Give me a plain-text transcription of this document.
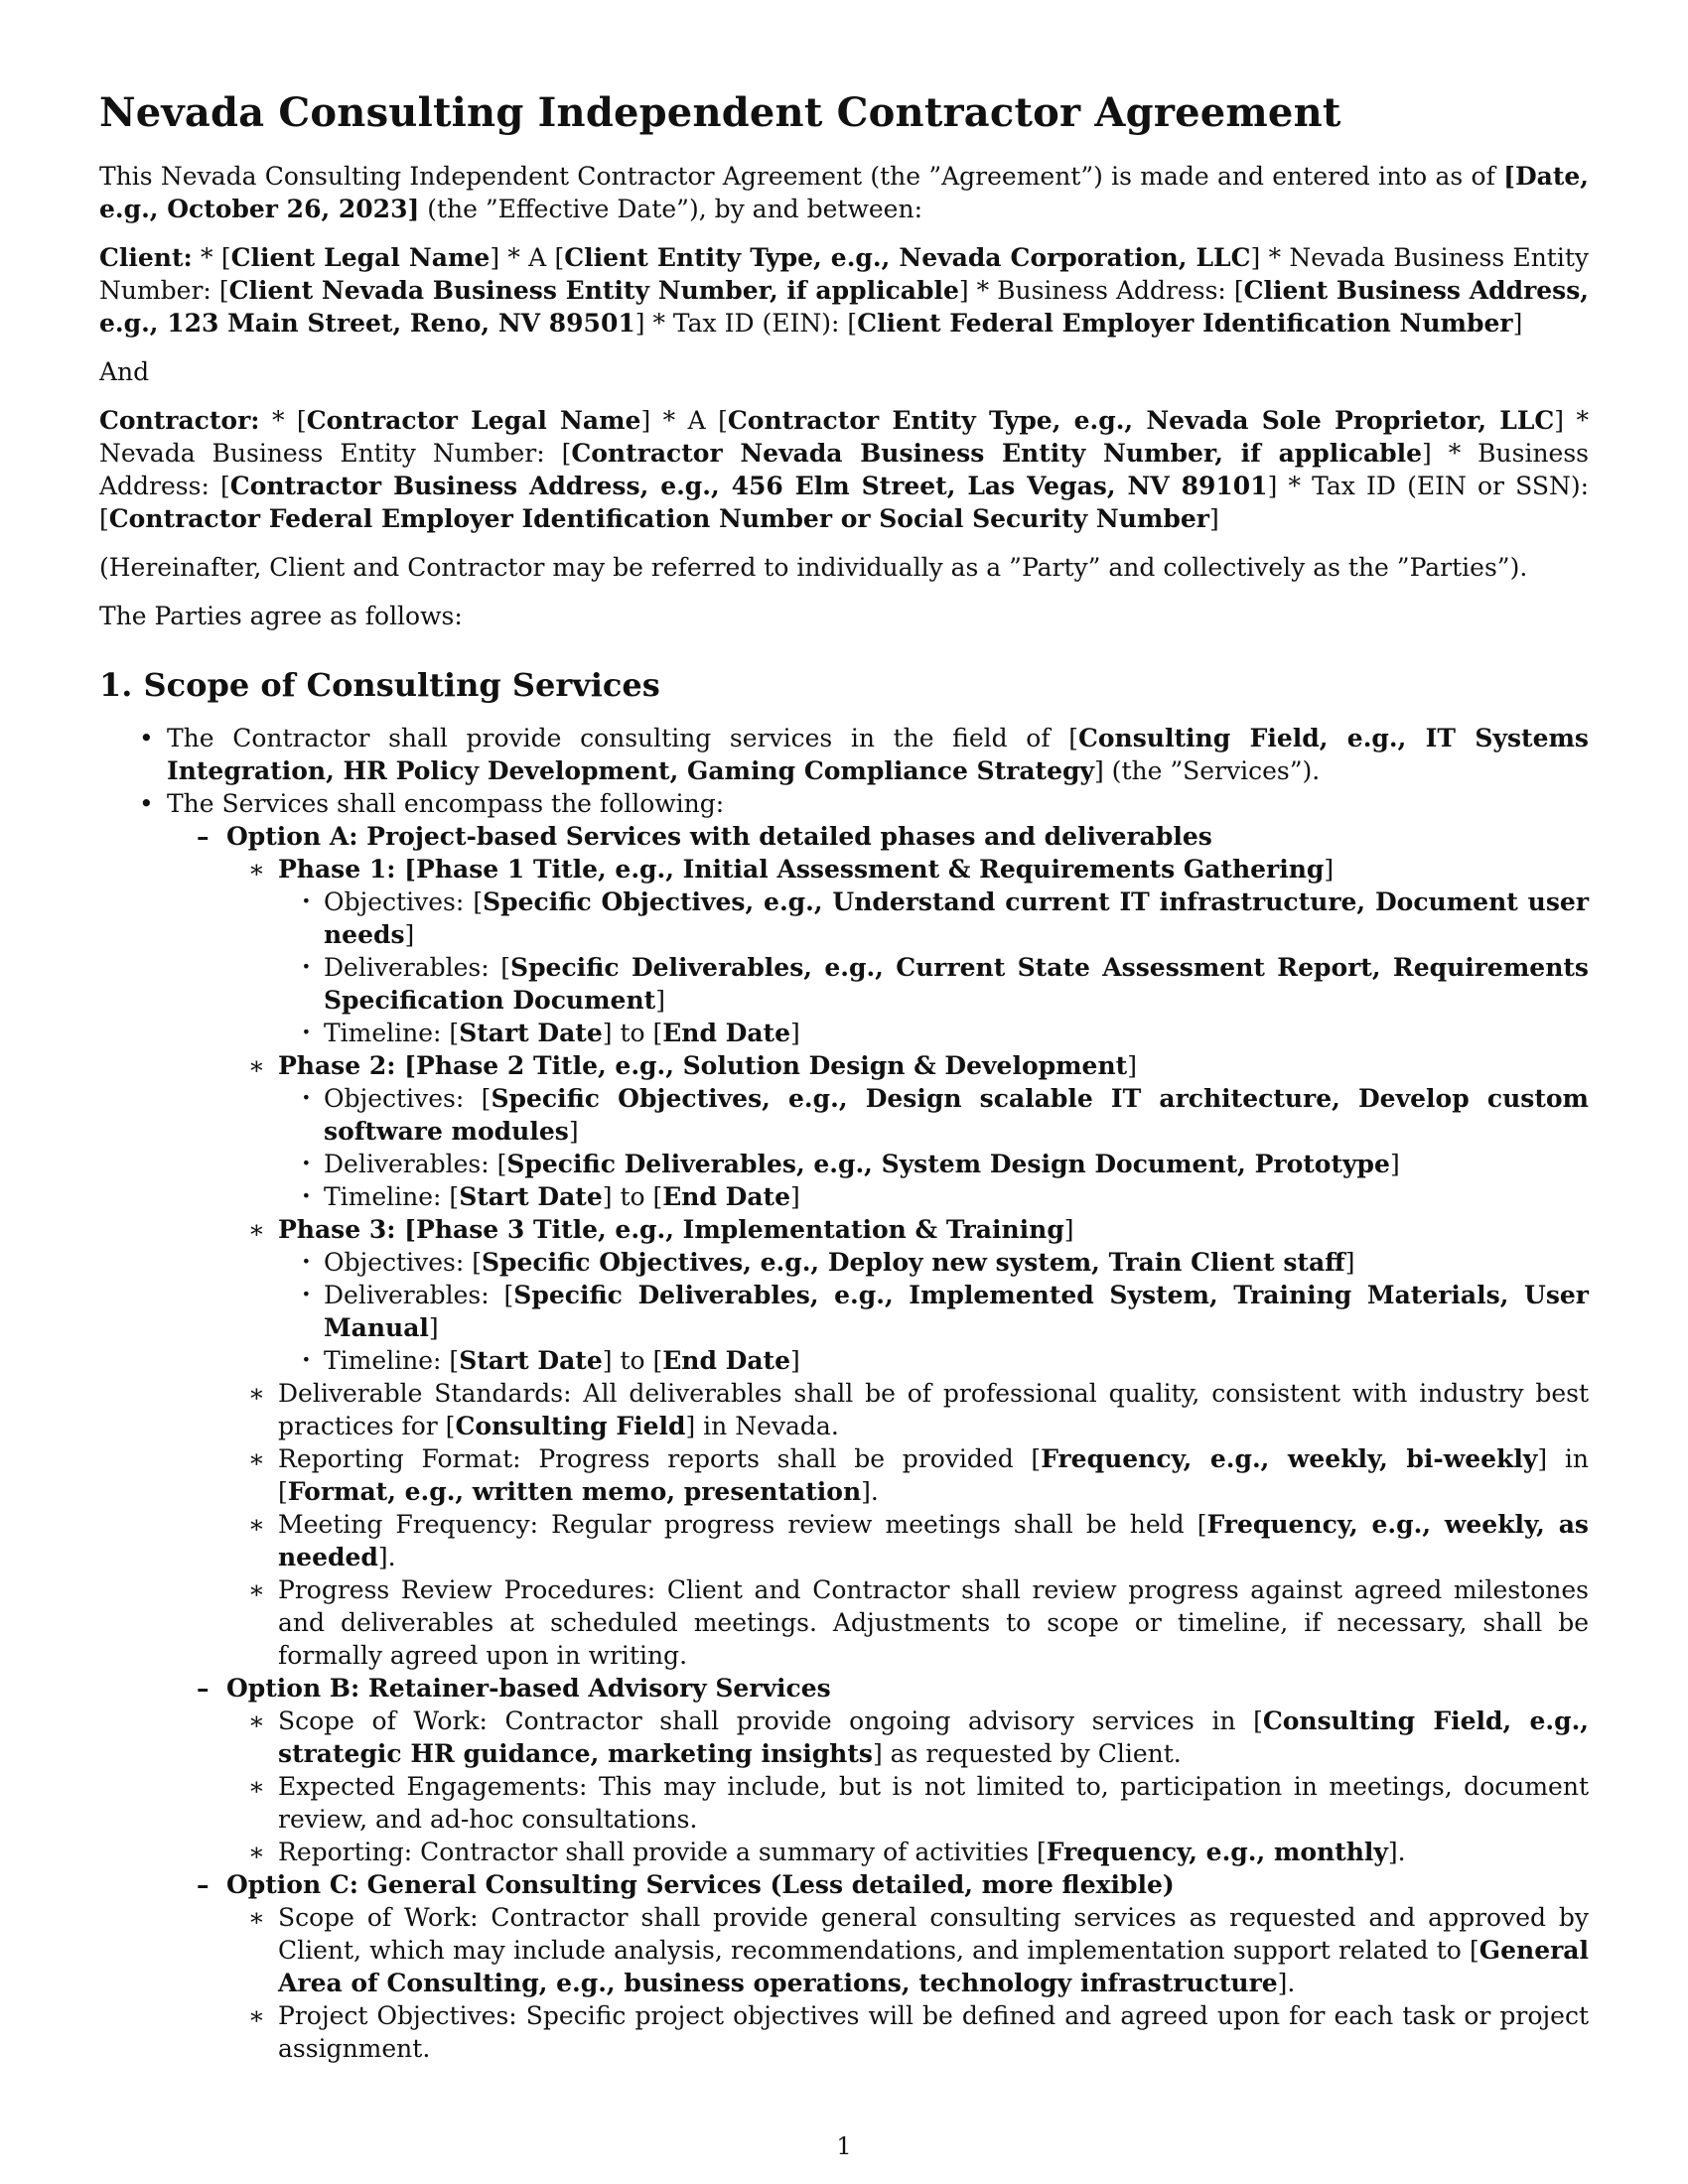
Nevada Consulting Independent Contractor Agreement

This Nevada Consulting Independent Contractor Agreement (the ”Agreement”) is made and entered into as of [Date, e.g., October 26, 2023] (the ”Effective Date”), by and between:

Client: * [Client Legal Name] * A [Client Entity Type, e.g., Nevada Corporation, LLC] * Nevada Business Entity Number: [Client Nevada Business Entity Number, if applicable] * Business Address: [Client Business Address, e.g., 123 Main Street, Reno, NV 89501] * Tax ID (EIN): [Client Federal Employer Identification Number]

And

Contractor: * [Contractor Legal Name] * A [Contractor Entity Type, e.g., Nevada Sole Proprietor, LLC] * Nevada Business Entity Number: [Contractor Nevada Business Entity Number, if applicable] * Business Address: [Contractor Business Address, e.g., 456 Elm Street, Las Vegas, NV 89101] * Tax ID (EIN or SSN): [Contractor Federal Employer Identification Number or Social Security Number]

(Hereinafter, Client and Contractor may be referred to individually as a ”Party” and collectively as the ”Parties”).

The Parties agree as follows:

1. Scope of Consulting Services
• The Contractor shall provide consulting services in the field of [Consulting Field, e.g., IT Systems Integration, HR Policy Development, Gaming Compliance Strategy] (the ”Services”).
• The Services shall encompass the following:
– Option A: Project-based Services with detailed phases and deliverables
∗ Phase 1: [Phase 1 Title, e.g., Initial Assessment & Requirements Gathering]
· Objectives: [Specific Objectives, e.g., Understand current IT infrastructure, Document user needs]
· Deliverables: [Specific Deliverables, e.g., Current State Assessment Report, Requirements Specification Document]
· Timeline: [Start Date] to [End Date]
∗ Phase 2: [Phase 2 Title, e.g., Solution Design & Development]
· Objectives: [Specific Objectives, e.g., Design scalable IT architecture, Develop custom software modules]
· Deliverables: [Specific Deliverables, e.g., System Design Document, Prototype]
· Timeline: [Start Date] to [End Date]
∗ Phase 3: [Phase 3 Title, e.g., Implementation & Training]
· Objectives: [Specific Objectives, e.g., Deploy new system, Train Client staff]
· Deliverables: [Specific Deliverables, e.g., Implemented System, Training Materials, User Manual]
· Timeline: [Start Date] to [End Date]
∗ Deliverable Standards: All deliverables shall be of professional quality, consistent with industry best practices for [Consulting Field] in Nevada.
∗ Reporting Format: Progress reports shall be provided [Frequency, e.g., weekly, bi-weekly] in [Format, e.g., written memo, presentation].
∗ Meeting Frequency: Regular progress review meetings shall be held [Frequency, e.g., weekly, as needed].
∗ Progress Review Procedures: Client and Contractor shall review progress against agreed milestones and deliverables at scheduled meetings. Adjustments to scope or timeline, if necessary, shall be formally agreed upon in writing.
– Option B: Retainer-based Advisory Services
∗ Scope of Work: Contractor shall provide ongoing advisory services in [Consulting Field, e.g., strategic HR guidance, marketing insights] as requested by Client.
∗ Expected Engagements: This may include, but is not limited to, participation in meetings, document review, and ad-hoc consultations.
∗ Reporting: Contractor shall provide a summary of activities [Frequency, e.g., monthly].
– Option C: General Consulting Services (Less detailed, more flexible)
∗ Scope of Work: Contractor shall provide general consulting services as requested and approved by Client, which may include analysis, recommendations, and implementation support related to [General Area of Consulting, e.g., business operations, technology infrastructure].
∗ Project Objectives: Specific project objectives will be defined and agreed upon for each task or project assignment.
1
